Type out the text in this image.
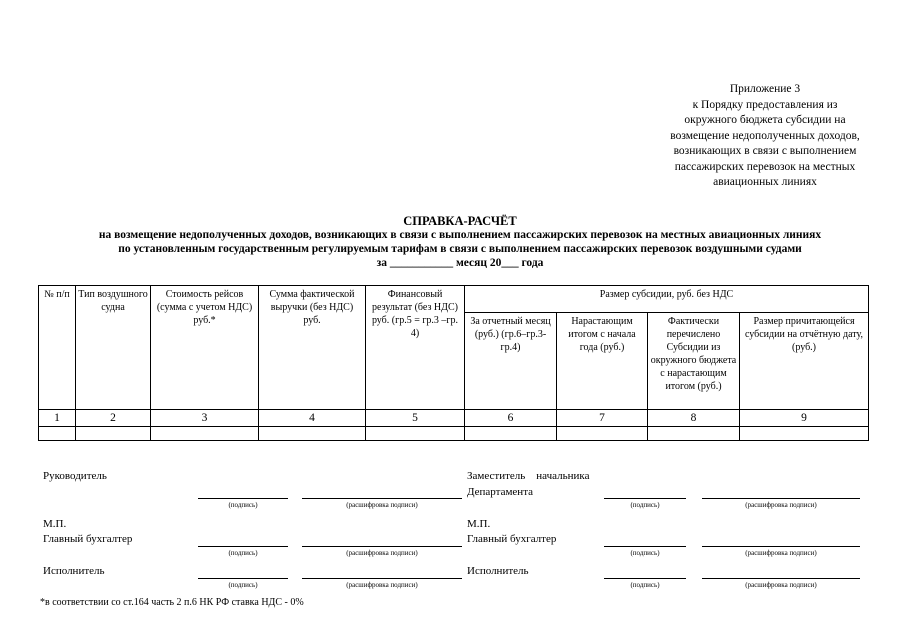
Приложение 3
к Порядку предоставления из
окружного бюджета субсидии на
возмещение недополученных доходов,
возникающих в связи с выполнением
пассажирских перевозок на местных
авиационных линиях
СПРАВКА-РАСЧЁТ
на возмещение недополученных доходов, возникающих в связи с выполнением пассажирских перевозок на местных авиационных линиях
по установленным государственным регулируемым тарифам в связи с выполнением пассажирских перевозок воздушными судами
за ___________ месяц 20___ года
№ п/п	Тип воздушного судна	Стоимость рейсов (сумма с учетом НДС) руб.*	Сумма фактической выручки (без НДС) руб.	Финансовый результат (без НДС) руб. (гр.5 = гр.3 –гр. 4)	Размер субсидии, руб. без НДС			
					За отчетный месяц (руб.) (гр.6–гр.3-гр.4)	Нарастающим итогом с начала года (руб.)	Фактически перечислено Субсидии из окружного бюджета с нарастающим итогом (руб.)	Размер причитающейся субсидии на отчётную дату, (руб.)
1	2	3	4	5	6	7	8	9

Руководитель
(подпись)	(расшифровка подписи)
М.П.
Главный бухгалтер
(подпись)	(расшифровка подписи)
Исполнитель
(подпись)	(расшифровка подписи)
Заместитель    начальника
Департамента
(подпись)	(расшифровка подписи)
М.П.
Главный бухгалтер
(подпись)	(расшифровка подписи)
Исполнитель
(подпись)	(расшифровка подписи)
*в соответствии со ст.164 часть 2 п.6 НК РФ ставка НДС - 0%
